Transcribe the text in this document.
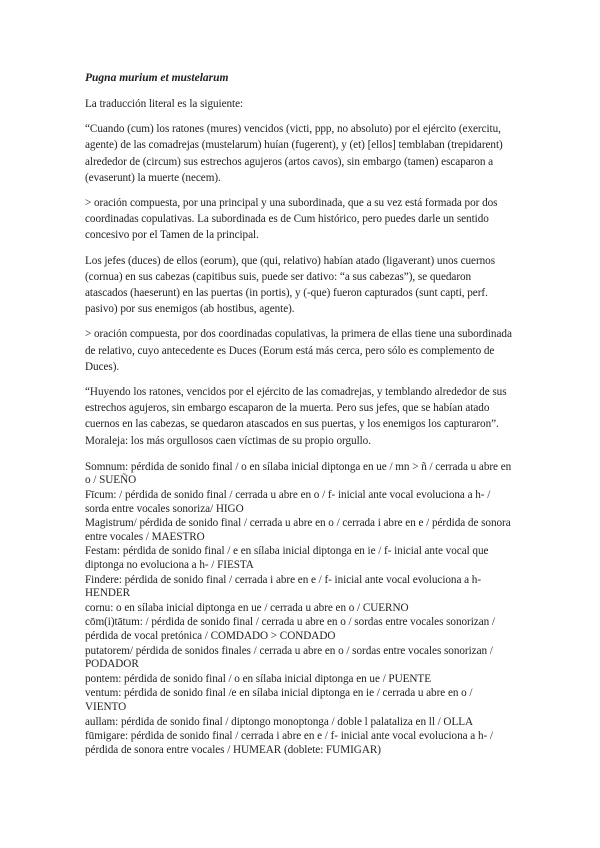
Pugna murium et mustelarum

La traducción literal es la siguiente:

“Cuando (cum) los ratones (mures) vencidos (victi, ppp, no absoluto) por el ejército (exercitu, agente) de las comadrejas (mustelarum) huían (fugerent), y (et) [ellos] temblaban (trepidarent) alrededor de (circum) sus estrechos agujeros (artos cavos), sin embargo (tamen) escaparon a (evaserunt) la muerte (necem).

> oración compuesta, por una principal y una subordinada, que a su vez está formada por dos coordinadas copulativas. La subordinada es de Cum histórico, pero puedes darle un sentido concesivo por el Tamen de la principal.

Los jefes (duces) de ellos (eorum), que (qui, relativo) habían atado (ligaverant) unos cuernos (cornua) en sus cabezas (capitibus suis, puede ser dativo: “a sus cabezas”), se quedaron atascados (haeserunt) en las puertas (in portis), y (-que) fueron capturados (sunt capti, perf. pasivo) por sus enemigos (ab hostibus, agente).

> oración compuesta, por dos coordinadas copulativas, la primera de ellas tiene una subordinada de relativo, cuyo antecedente es Duces (Eorum está más cerca, pero sólo es complemento de Duces).

“Huyendo los ratones, vencidos por el ejército de las comadrejas, y temblando alrededor de sus estrechos agujeros, sin embargo escaparon de la muerta. Pero sus jefes, que se habían atado cuernos en las cabezas, se quedaron atascados en sus puertas, y los enemigos los capturaron”. Moraleja: los más orgullosos caen víctimas de su propio orgullo.

Somnum: pérdida de sonido final / o en sílaba inicial diptonga en ue / mn > ñ / cerrada u abre en o / SUEÑO
Fīcum: / pérdida de sonido final / cerrada u abre en o / f- inicial ante vocal evoluciona a h- / sorda entre vocales sonoriza/ HIGO
Magistrum/ pérdida de sonido final / cerrada u abre en o / cerrada i abre en e / pérdida de sonora entre vocales / MAESTRO
Festam: pérdida de sonido final / e en sílaba inicial diptonga en ie / f- inicial ante vocal que diptonga no evoluciona a h- / FIESTA
Findere: pérdida de sonido final / cerrada i abre en e / f- inicial ante vocal evoluciona a h- HENDER
cornu: o en sílaba inicial diptonga en ue / cerrada u abre en o / CUERNO
cōm(i)tātum: / pérdida de sonido final / cerrada u abre en o / sordas entre vocales sonorizan / pérdida de vocal pretónica / COMDADO > CONDADO
putatorem/ pérdida de sonidos finales / cerrada u abre en o / sordas entre vocales sonorizan / PODADOR
pontem: pérdida de sonido final / o en sílaba inicial diptonga en ue / PUENTE
ventum: pérdida de sonido final /e en sílaba inicial diptonga en ie / cerrada u abre en o / VIENTO
aullam: pérdida de sonido final / diptongo monoptonga / doble l palataliza en ll / OLLA
fūmigare: pérdida de sonido final / cerrada i abre en e / f- inicial ante vocal evoluciona a h- / pérdida de sonora entre vocales / HUMEAR (doblete: FUMIGAR)
